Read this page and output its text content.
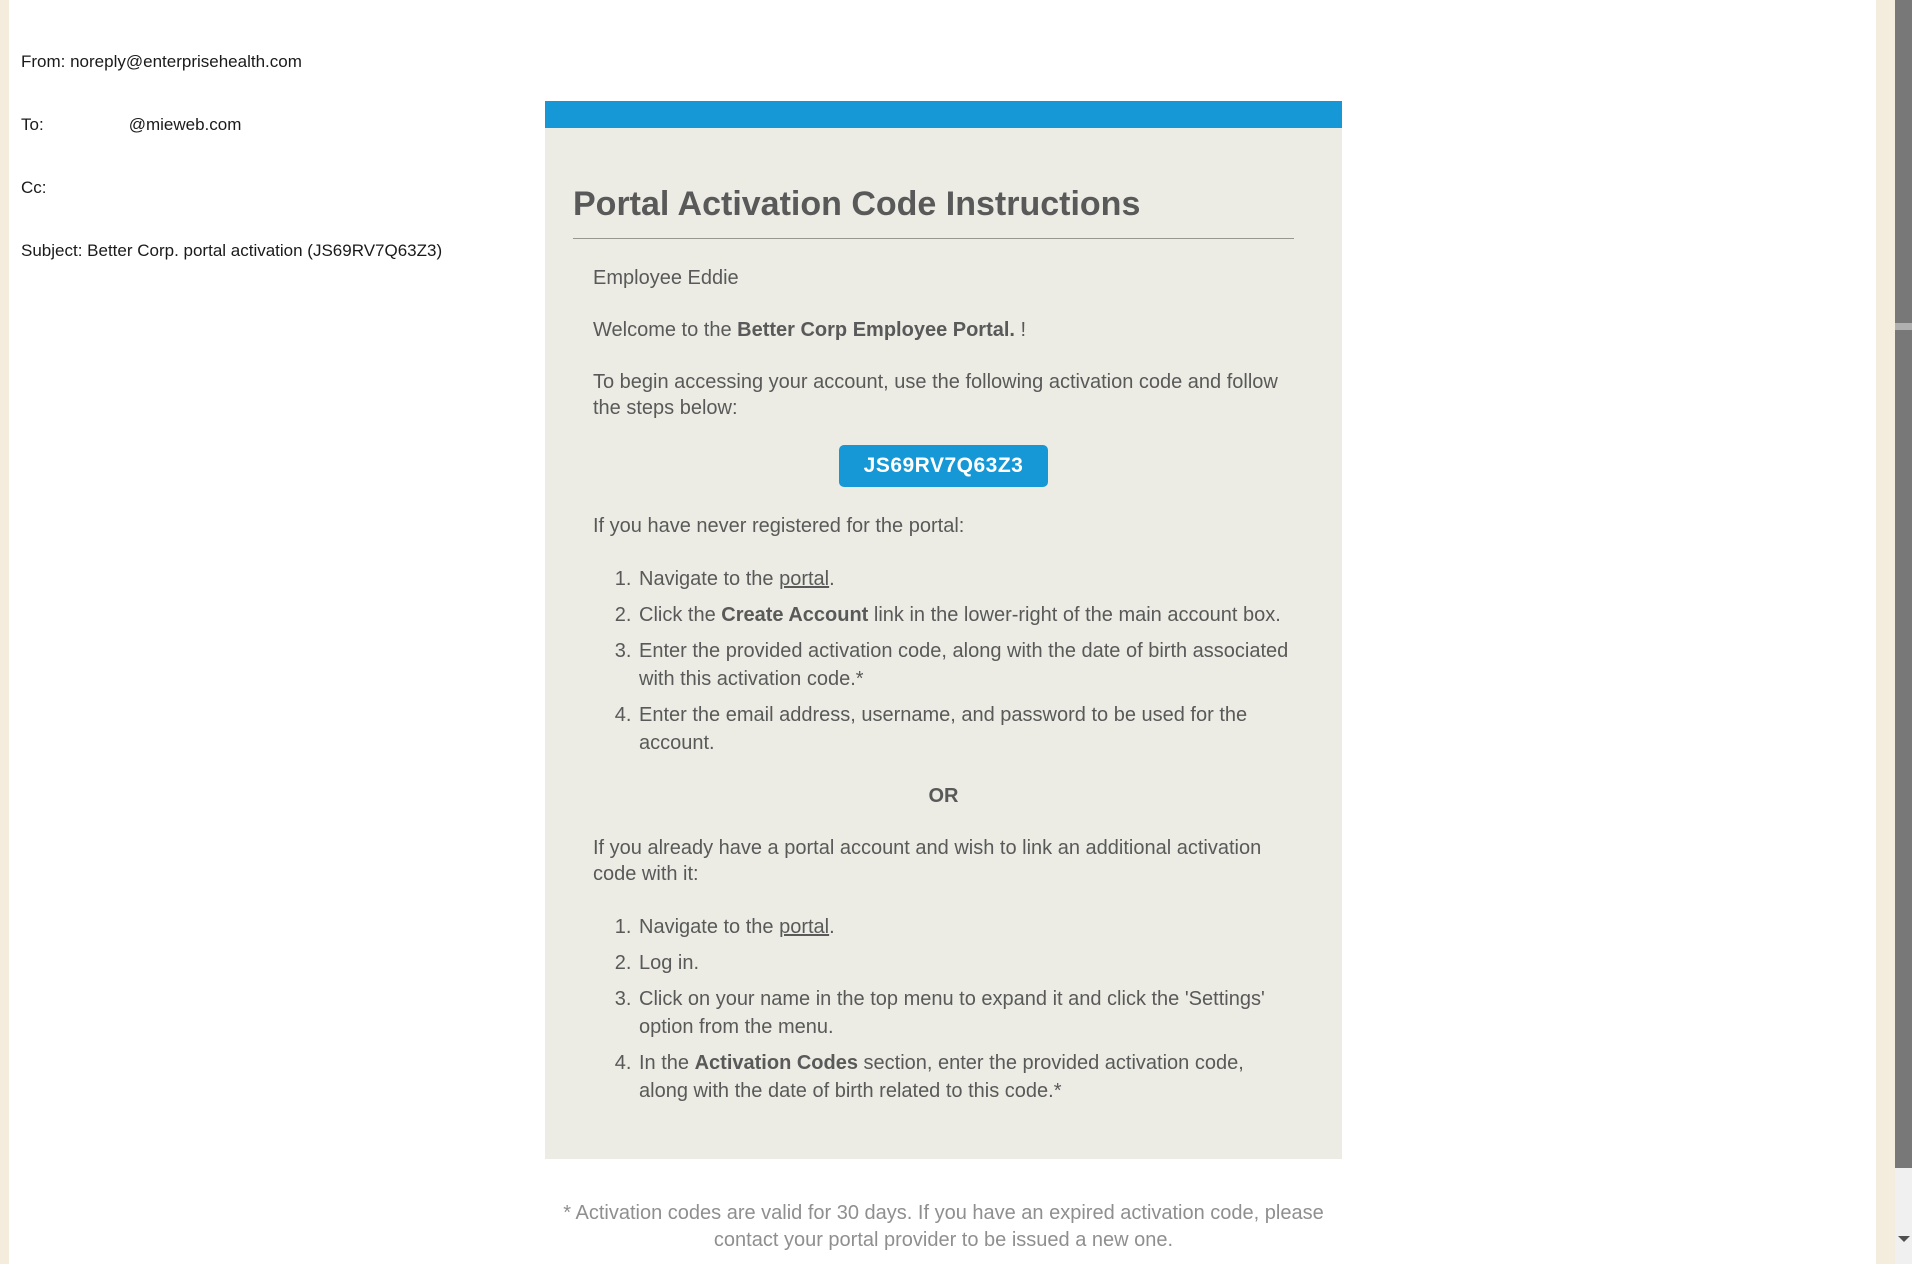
From: noreply@enterprisehealth.com

To:                  @mieweb.com

Cc:

Subject: Better Corp. portal activation (JS69RV7Q63Z3)

Portal Activation Code Instructions

Employee Eddie

Welcome to the Better Corp Employee Portal. !

To begin accessing your account, use the following activation code and follow the steps below:

JS69RV7Q63Z3

If you have never registered for the portal:

1. Navigate to the portal.
2. Click the Create Account link in the lower-right of the main account box.
3. Enter the provided activation code, along with the date of birth associated with this activation code.*
4. Enter the email address, username, and password to be used for the account.

OR

If you already have a portal account and wish to link an additional activation code with it:

1. Navigate to the portal.
2. Log in.
3. Click on your name in the top menu to expand it and click the 'Settings' option from the menu.
4. In the Activation Codes section, enter the provided activation code, along with the date of birth related to this code.*
* Activation codes are valid for 30 days. If you have an expired activation code, please
contact your portal provider to be issued a new one.
